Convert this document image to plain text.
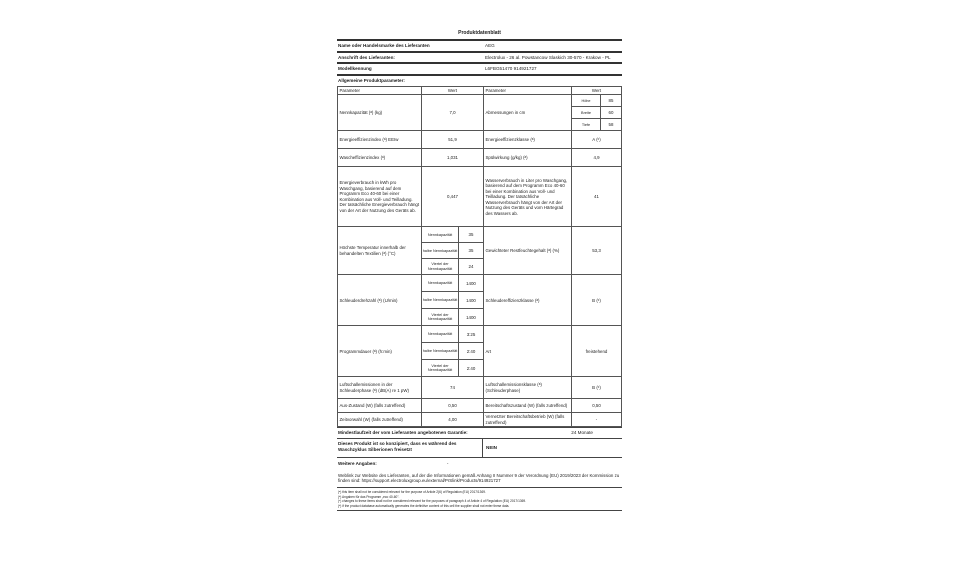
Produktdatenblatt
Name oder Handelsmarke des Lieferanten	AEG
Anschrift des Lieferanten:	Electrolux - 26 al. Powstancow Slaskich 30-570 - Krakow - PL
Modellkennung	L6FBG51470 914921727
Allgemeine Produktparameter:
Parameter	Wert	Parameter	Wert
Nennkapazität (ᵃ) (kg)	7,0	Abmessungen in cm	
Höhe	85
Breite	60
Tiefe	58

Energieeffizienzindex (ᵃ) EEIw	51,9	Energieeffizienzklasse (ᵃ)	A (ᶜ)
Waschefﬁzienzindex (ᵃ)	1,031	Spülwirkung (g/kg) (ᵃ)	4,9
Energieverbrauch in kWh pro Waschgang, basierend auf dem Programm Eco 40-60 bei einer Kombination aus Voll- und Teilladung. Der tatsächliche Energieverbrauch hängt von der Art der Nutzung des Geräts ab.	0,447	Wasserverbrauch in Liter pro Waschgang, basierend auf dem Programm Eco 40-60 bei einer Kombination aus Voll- und Teilladung. Der tatsächliche Wasserverbrauch hängt von der Art der Nutzung des Geräts und vom Härtegrad des Wassers ab.	41
Höchste Temperatur innerhalb der behandelten Textilien (ᵃ) (°C)	
Nennkapazität	35
halbe Nennkapazität	35
Viertel der Nennkapazität	24
	Gewichteter Restfeuchtegehalt (ᵃ) (%)	53,3
Schleuderdrehzahl (ᵃ) (U/min)	
Nennkapazität	1400
halbe Nennkapazität	1400
Viertel der Nennkapazität	1400
	Schleudereffizienzklasse (ᵃ)	B (ᶜ)
Programmdauer (ᵃ) (h:min)	
Nennkapazität	3:25
halbe Nennkapazität	2:40
Viertel der Nennkapazität	2:40
	Art	freistehend
Luftschallemissionen in der Schleuderphase (ᵃ) (dB(A) re 1 pW)	74	Luftschallemissionsklasse (ᵃ) (Schleuderphase)	B (ᶜ)
Aus-Zustand (W) (falls zutreffend)	0,50	Bereitschaftszustand (W) (falls zutreffend)	0,50
Zeitvorwahl (W) (falls zutreffend)	4,00	Vernetzter Bereitschaftsbetrieb (W) (falls zutreffend)	-
Mindestlaufzeit der vom Lieferanten angebotenen Garantie:	24 Monate
Dieses Produkt ist so konzipiert, dass es während des Waschzyklus Silberionen freisetzt	NEIN
Weitere Angaben:	-
Weblink zur Website des Lieferanten, auf der die Informationen gemäß Anhang II Nummer 9 der Verordnung (EU) 2019/2023 der Kommission zu finden sind: https://support.electroluxgroup.eu/external/PrSlink/Products/914921727
(ᵃ) this item shall not be considered relevant for the purpose of Article 2(6) of Regulation (EU) 2017/1369.
(ᵇ) Angaben für das Programm „eco 40-60".
(ᶜ) changes to these items shall not be considered relevant for the purposes of paragraph 4 of Article 4 of Regulation (EU) 2017/1369.
(ᵈ) if the product database automatically generates the definitive content of this cell the supplier shall not enter these data.
